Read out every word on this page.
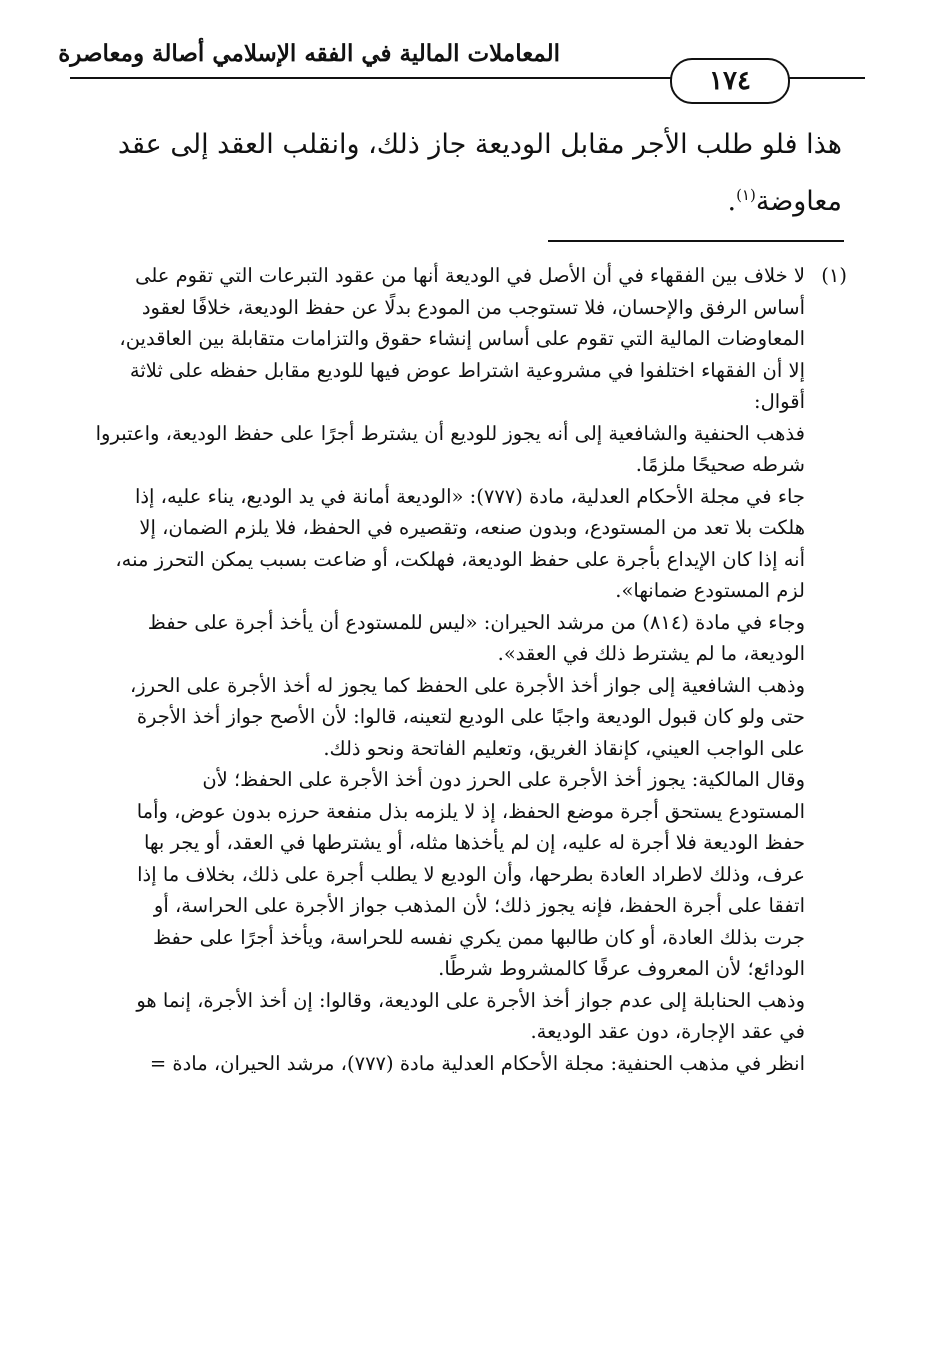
المعاملات المالية في الفقه الإسلامي أصالة ومعاصرة
١٧٤
هذا فلو طلب الأجر مقابل الوديعة جاز ذلك، وانقلب العقد إلى عقد
معاوضة$^{(١)}$.
(١)
لا خلاف بين الفقهاء في أن الأصل في الوديعة أنها من عقود التبرعات التي تقوم على
أساس الرفق والإحسان، فلا تستوجب من المودع بدلًا عن حفظ الوديعة، خلافًا لعقود
المعاوضات المالية التي تقوم على أساس إنشاء حقوق والتزامات متقابلة بين العاقدين،
إلا أن الفقهاء اختلفوا في مشروعية اشتراط عوض فيها للوديع مقابل حفظه على ثلاثة
أقوال:
فذهب الحنفية والشافعية إلى أنه يجوز للوديع أن يشترط أجرًا على حفظ الوديعة، واعتبروا
شرطه صحيحًا ملزمًا.
جاء في مجلة الأحكام العدلية، مادة (٧٧٧): «الوديعة أمانة في يد الوديع، يناء عليه، إذا
هلكت بلا تعد من المستودع، وبدون صنعه، وتقصيره في الحفظ، فلا يلزم الضمان، إلا
أنه إذا كان الإيداع بأجرة على حفظ الوديعة، فهلكت، أو ضاعت بسبب يمكن التحرز منه،
لزم المستودع ضمانها».
وجاء في مادة (٨١٤) من مرشد الحيران: «ليس للمستودع أن يأخذ أجرة على حفظ
الوديعة، ما لم يشترط ذلك في العقد».
وذهب الشافعية إلى جواز أخذ الأجرة على الحفظ كما يجوز له أخذ الأجرة على الحرز،
حتى ولو كان قبول الوديعة واجبًا على الوديع لتعينه، قالوا: لأن الأصح جواز أخذ الأجرة
على الواجب العيني، كإنقاذ الغريق، وتعليم الفاتحة ونحو ذلك.
وقال المالكية: يجوز أخذ الأجرة على الحرز دون أخذ الأجرة على الحفظ؛ لأن
المستودع يستحق أجرة موضع الحفظ، إذ لا يلزمه بذل منفعة حرزه بدون عوض، وأما
حفظ الوديعة فلا أجرة له عليه، إن لم يأخذها مثله، أو يشترطها في العقد، أو يجر بها
عرف، وذلك لاطراد العادة بطرحها، وأن الوديع لا يطلب أجرة على ذلك، بخلاف ما إذا
اتفقا على أجرة الحفظ، فإنه يجوز ذلك؛ لأن المذهب جواز الأجرة على الحراسة، أو
جرت بذلك العادة، أو كان طالبها ممن يكري نفسه للحراسة، ويأخذ أجرًا على حفظ
الودائع؛ لأن المعروف عرفًا كالمشروط شرطًا.
وذهب الحنابلة إلى عدم جواز أخذ الأجرة على الوديعة، وقالوا: إن أخذ الأجرة، إنما هو
في عقد الإجارة، دون عقد الوديعة.
انظر في مذهب الحنفية: مجلة الأحكام العدلية مادة (٧٧٧)، مرشد الحيران، مادة =
